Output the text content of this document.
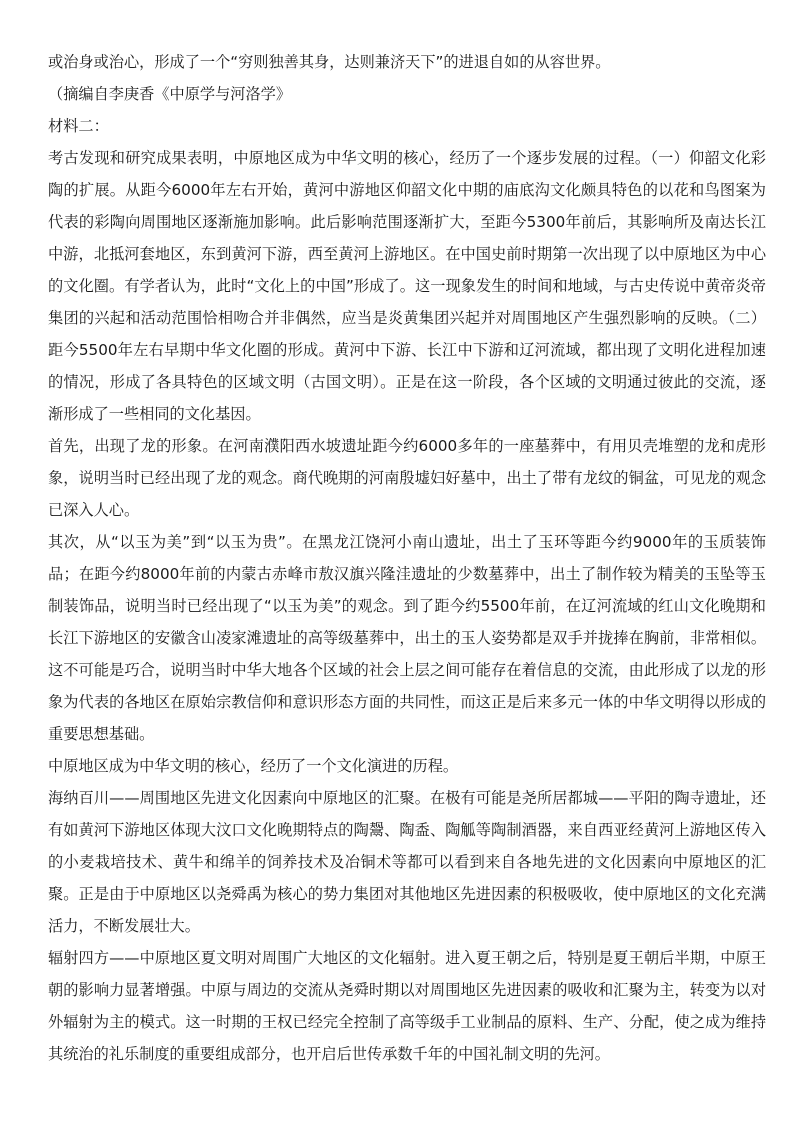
或治身或治心，形成了一个“穷则独善其身，达则兼济天下”的进退自如的从容世界。

（摘编自李庚香《中原学与河洛学》

材料二：

考古发现和研究成果表明，中原地区成为中华文明的核心，经历了一个逐步发展的过程。（一）仰韶文化彩陶的扩展。从距今6000年左右开始，黄河中游地区仰韶文化中期的庙底沟文化颇具特色的以花和鸟图案为代表的彩陶向周围地区逐渐施加影响。此后影响范围逐渐扩大，至距今5300年前后，其影响所及南达长江中游，北抵河套地区，东到黄河下游，西至黄河上游地区。在中国史前时期第一次出现了以中原地区为中心的文化圈。有学者认为，此时“文化上的中国”形成了。这一现象发生的时间和地域，与古史传说中黄帝炎帝集团的兴起和活动范围恰相吻合并非偶然，应当是炎黄集团兴起并对周围地区产生强烈影响的反映。（二）距今5500年左右早期中华文化圈的形成。黄河中下游、长江中下游和辽河流域，都出现了文明化进程加速的情况，形成了各具特色的区域文明（古国文明）。正是在这一阶段，各个区域的文明通过彼此的交流，逐渐形成了一些相同的文化基因。

首先，出现了龙的形象。在河南濮阳西水坡遗址距今约6000多年的一座墓葬中，有用贝壳堆塑的龙和虎形象，说明当时已经出现了龙的观念。商代晚期的河南殷墟妇好墓中，出土了带有龙纹的铜盆，可见龙的观念已深入人心。

其次，从“以玉为美”到“以玉为贵”。在黑龙江饶河小南山遗址，出土了玉环等距今约9000年的玉质装饰品；在距今约8000年前的内蒙古赤峰市敖汉旗兴隆洼遗址的少数墓葬中，出土了制作较为精美的玉坠等玉制装饰品，说明当时已经出现了“以玉为美”的观念。到了距今约5500年前，在辽河流域的红山文化晚期和长江下游地区的安徽含山凌家滩遗址的高等级墓葬中，出土的玉人姿势都是双手并拢捧在胸前，非常相似。这不可能是巧合，说明当时中华大地各个区域的社会上层之间可能存在着信息的交流，由此形成了以龙的形象为代表的各地区在原始宗教信仰和意识形态方面的共同性，而这正是后来多元一体的中华文明得以形成的重要思想基础。

中原地区成为中华文明的核心，经历了一个文化演进的历程。

海纳百川——周围地区先进文化因素向中原地区的汇聚。在极有可能是尧所居都城——平阳的陶寺遗址，还有如黄河下游地区体现大汶口文化晚期特点的陶鬶、陶盉、陶觚等陶制酒器，来自西亚经黄河上游地区传入的小麦栽培技术、黄牛和绵羊的饲养技术及冶铜术等都可以看到来自各地先进的文化因素向中原地区的汇聚。正是由于中原地区以尧舜禹为核心的势力集团对其他地区先进因素的积极吸收，使中原地区的文化充满活力，不断发展壮大。

辐射四方——中原地区夏文明对周围广大地区的文化辐射。进入夏王朝之后，特别是夏王朝后半期，中原王朝的影响力显著增强。中原与周边的交流从尧舜时期以对周围地区先进因素的吸收和汇聚为主，转变为以对外辐射为主的模式。这一时期的王权已经完全控制了高等级手工业制品的原料、生产、分配，使之成为维持其统治的礼乐制度的重要组成部分，也开启后世传承数千年的中国礼制文明的先河。
